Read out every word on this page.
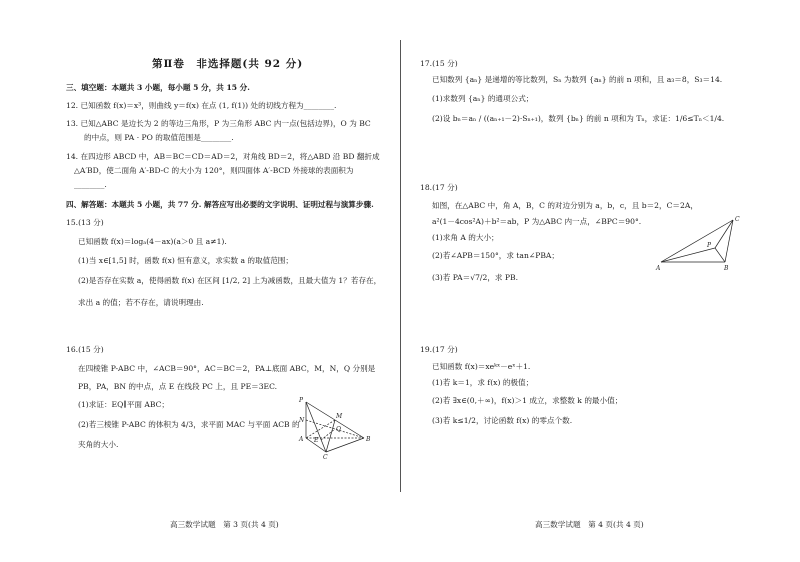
第Ⅱ卷　非选择题(共 92 分)
三、填空题：本题共 3 小题，每小题 5 分，共 15 分.
12. 已知函数 f(x)＝x³，则曲线 y＝f(x) 在点 (1, f(1)) 处的切线方程为________.
13. 已知△ABC 是边长为 2 的等边三角形，P 为三角形 ABC 内一点(包括边界)，O 为 BC
的中点，则 PA · PO 的取值范围是________.
14. 在四边形 ABCD 中，AB＝BC＝CD＝AD＝2，对角线 BD＝2，将△ABD 沿 BD 翻折成
△A′BD，使二面角 A′-BD-C 的大小为 120°，则四面体 A′-BCD 外接球的表面积为
________.
四、解答题：本题共 5 小题，共 77 分. 解答应写出必要的文字说明、证明过程与演算步骤.
15.(13 分)
已知函数 f(x)＝logₐ(4－ax)(a＞0 且 a≠1).
(1)当 x∈[1,5] 时，函数 f(x) 恒有意义，求实数 a 的取值范围；
(2)是否存在实数 a，使得函数 f(x) 在区间 [1/2, 2] 上为减函数，且最大值为 1？若存在，
求出 a 的值；若不存在，请说明理由.
16.(15 分)
在四棱锥 P-ABC 中，∠ACB＝90°，AC＝BC＝2，PA⊥底面 ABC，M，N，Q 分别是
PB，PA，BN 的中点，点 E 在线段 PC 上，且 PE＝3EC.
(1)求证：EQ∥平面 ABC；
(2)若三棱锥 P-ABC 的体积为 4/3，求平面 MAC 与平面 ACB 的
夹角的大小.
P
M
N
Q
E
A
C
B
高三数学试题　第 3 页(共 4 页)
17.(15 分)
已知数列 {aₙ} 是递增的等比数列，Sₙ 为数列 {aₙ} 的前 n 项和，且 a₃＝8，S₃＝14.
(1)求数列 {aₙ} 的通项公式；
(2)设 bₙ＝aₙ / ((aₙ₊₁－2)·Sₙ₊₁)，数列 {bₙ} 的前 n 项和为 Tₙ，求证：1/6≤Tₙ＜1/4.
18.(17 分)
如图，在△ABC 中，角 A，B，C 的对边分别为 a，b，c，且 b＝2，C＝2A，
a²(1－4cos²A)＋b²＝ab，P 为△ABC 内一点，∠BPC＝90°.
(1)求角 A 的大小；
(2)若∠APB＝150°，求 tan∠PBA；
(3)若 PA＝√7/2，求 PB.
C
P
A	B
19.(17 分)
已知函数 f(x)＝xeᵏˣ－eˣ＋1.
(1)若 k＝1，求 f(x) 的极值；
(2)若 ∃x∈(0,＋∞)，f(x)＞1 成立，求整数 k 的最小值；
(3)若 k≤1/2，讨论函数 f(x) 的零点个数.
高三数学试题　第 4 页(共 4 页)
